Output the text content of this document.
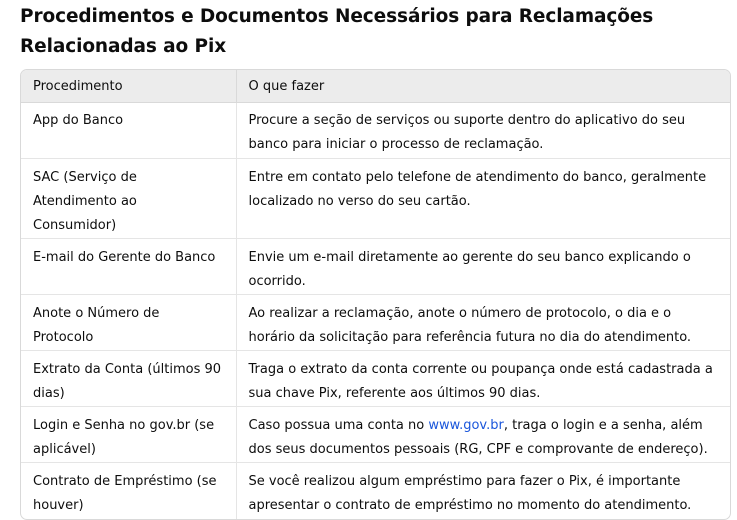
Procedimentos e Documentos Necessários para Reclamações Relacionadas ao Pix
Procedimento	O que fazer
App do Banco	Procure a seção de serviços ou suporte dentro do aplicativo do seu banco para iniciar o processo de reclamação.
SAC (Serviço de Atendimento ao Consumidor)	Entre em contato pelo telefone de atendimento do banco, geralmente localizado no verso do seu cartão.
E-mail do Gerente do Banco	Envie um e-mail diretamente ao gerente do seu banco explicando o ocorrido.
Anote o Número de Protocolo	Ao realizar a reclamação, anote o número de protocolo, o dia e o horário da solicitação para referência futura no dia do atendimento.
Extrato da Conta (últimos 90 dias)	Traga o extrato da conta corrente ou poupança onde está cadastrada a sua chave Pix, referente aos últimos 90 dias.
Login e Senha no gov.br (se aplicável)	Caso possua uma conta no www.gov.br, traga o login e a senha, além dos seus documentos pessoais (RG, CPF e comprovante de endereço).
Contrato de Empréstimo (se houver)	Se você realizou algum empréstimo para fazer o Pix, é importante apresentar o contrato de empréstimo no momento do atendimento.
